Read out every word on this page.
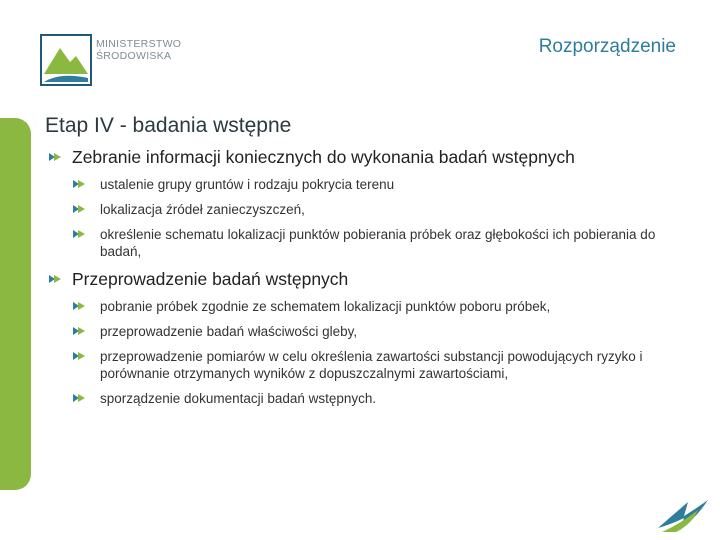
MINISTERSTWO
ŚRODOWISKA	Rozporządzenie
Etap IV - badania wstępne
Zebranie informacji koniecznych do wykonania badań wstępnych
ustalenie grupy gruntów i rodzaju pokrycia terenu
lokalizacja źródeł zanieczyszczeń,
określenie schematu lokalizacji punktów pobierania próbek oraz głębokości ich pobierania do badań,
Przeprowadzenie badań wstępnych
pobranie próbek zgodnie ze schematem lokalizacji punktów poboru próbek,
przeprowadzenie badań właściwości gleby,
przeprowadzenie pomiarów w celu określenia zawartości substancji powodujących ryzyko i porównanie otrzymanych wyników z dopuszczalnymi zawartościami,
sporządzenie dokumentacji badań wstępnych.
